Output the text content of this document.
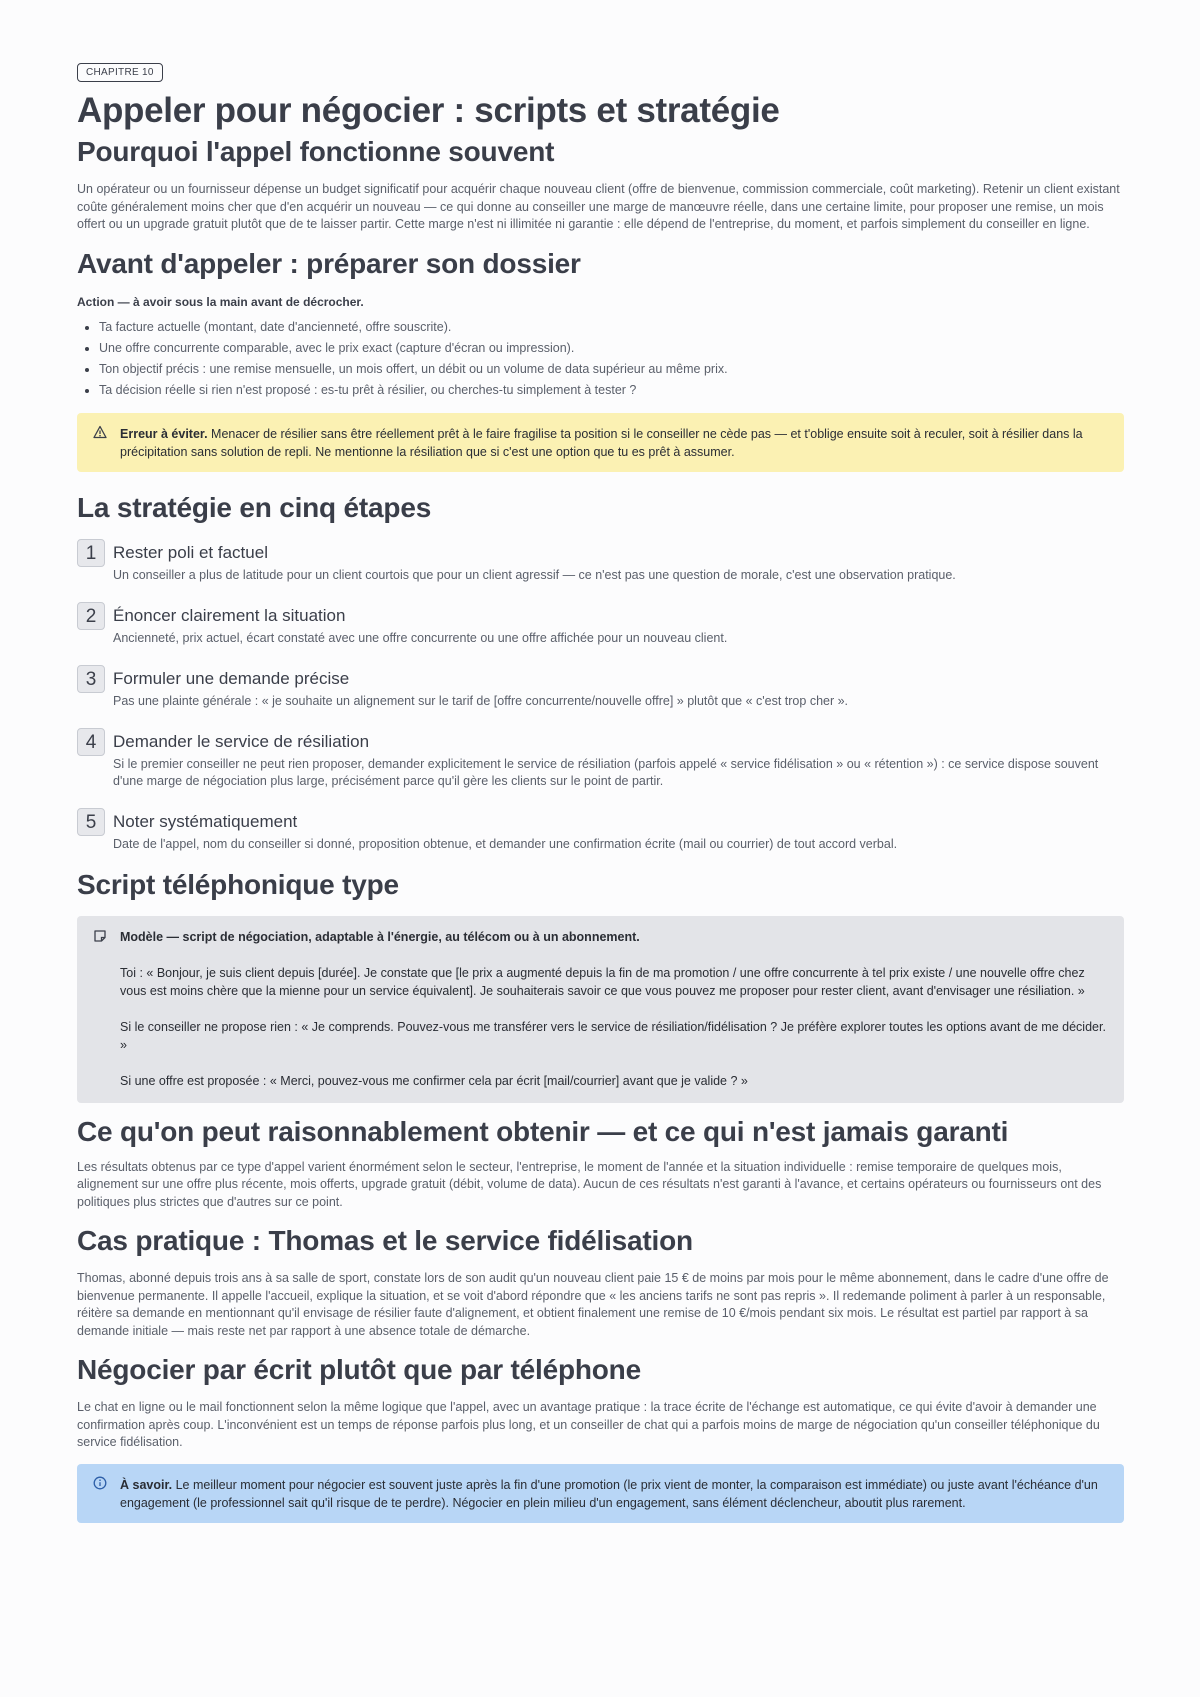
CHAPITRE 10
Appeler pour négocier : scripts et stratégie
Pourquoi l'appel fonctionne souvent

Un opérateur ou un fournisseur dépense un budget significatif pour acquérir chaque nouveau client (offre de bienvenue, commission commerciale, coût marketing). Retenir un client existant coûte généralement moins cher que d'en acquérir un nouveau — ce qui donne au conseiller une marge de manœuvre réelle, dans une certaine limite, pour proposer une remise, un mois offert ou un upgrade gratuit plutôt que de te laisser partir. Cette marge n'est ni illimitée ni garantie : elle dépend de l'entreprise, du moment, et parfois simplement du conseiller en ligne.

Avant d'appeler : préparer son dossier
Action — à avoir sous la main avant de décrocher.
• Ta facture actuelle (montant, date d'ancienneté, offre souscrite).
• Une offre concurrente comparable, avec le prix exact (capture d'écran ou impression).
• Ton objectif précis : une remise mensuelle, un mois offert, un débit ou un volume de data supérieur au même prix.
• Ta décision réelle si rien n'est proposé : es-tu prêt à résilier, ou cherches-tu simplement à tester ?
Erreur à éviter. Menacer de résilier sans être réellement prêt à le faire fragilise ta position si le conseiller ne cède pas — et t'oblige ensuite soit à reculer, soit à résilier dans la précipitation sans solution de repli. Ne mentionne la résiliation que si c'est une option que tu es prêt à assumer.
La stratégie en cinq étapes
1 Rester poli et factuel
Un conseiller a plus de latitude pour un client courtois que pour un client agressif — ce n'est pas une question de morale, c'est une observation pratique.
2 Énoncer clairement la situation
Ancienneté, prix actuel, écart constaté avec une offre concurrente ou une offre affichée pour un nouveau client.
3 Formuler une demande précise
Pas une plainte générale : « je souhaite un alignement sur le tarif de [offre concurrente/nouvelle offre] » plutôt que « c'est trop cher ».
4 Demander le service de résiliation
Si le premier conseiller ne peut rien proposer, demander explicitement le service de résiliation (parfois appelé « service fidélisation » ou « rétention ») : ce service dispose souvent d'une marge de négociation plus large, précisément parce qu'il gère les clients sur le point de partir.
5 Noter systématiquement
Date de l'appel, nom du conseiller si donné, proposition obtenue, et demander une confirmation écrite (mail ou courrier) de tout accord verbal.
Script téléphonique type
Modèle — script de négociation, adaptable à l'énergie, au télécom ou à un abonnement.
Toi : « Bonjour, je suis client depuis [durée]. Je constate que [le prix a augmenté depuis la fin de ma promotion / une offre concurrente à tel prix existe / une nouvelle offre chez vous est moins chère que la mienne pour un service équivalent]. Je souhaiterais savoir ce que vous pouvez me proposer pour rester client, avant d'envisager une résiliation. »
Si le conseiller ne propose rien : « Je comprends. Pouvez-vous me transférer vers le service de résiliation/fidélisation ? Je préfère explorer toutes les options avant de me décider. »
Si une offre est proposée : « Merci, pouvez-vous me confirmer cela par écrit [mail/courrier] avant que je valide ? »
Ce qu'on peut raisonnablement obtenir — et ce qui n'est jamais garanti

Les résultats obtenus par ce type d'appel varient énormément selon le secteur, l'entreprise, le moment de l'année et la situation individuelle : remise temporaire de quelques mois, alignement sur une offre plus récente, mois offerts, upgrade gratuit (débit, volume de data). Aucun de ces résultats n'est garanti à l'avance, et certains opérateurs ou fournisseurs ont des politiques plus strictes que d'autres sur ce point.

Cas pratique : Thomas et le service fidélisation

Thomas, abonné depuis trois ans à sa salle de sport, constate lors de son audit qu'un nouveau client paie 15 € de moins par mois pour le même abonnement, dans le cadre d'une offre de bienvenue permanente. Il appelle l'accueil, explique la situation, et se voit d'abord répondre que « les anciens tarifs ne sont pas repris ». Il redemande poliment à parler à un responsable, réitère sa demande en mentionnant qu'il envisage de résilier faute d'alignement, et obtient finalement une remise de 10 €/mois pendant six mois. Le résultat est partiel par rapport à sa demande initiale — mais reste net par rapport à une absence totale de démarche.

Négocier par écrit plutôt que par téléphone

Le chat en ligne ou le mail fonctionnent selon la même logique que l'appel, avec un avantage pratique : la trace écrite de l'échange est automatique, ce qui évite d'avoir à demander une confirmation après coup. L'inconvénient est un temps de réponse parfois plus long, et un conseiller de chat qui a parfois moins de marge de négociation qu'un conseiller téléphonique du service fidélisation.

À savoir. Le meilleur moment pour négocier est souvent juste après la fin d'une promotion (le prix vient de monter, la comparaison est immédiate) ou juste avant l'échéance d'un engagement (le professionnel sait qu'il risque de te perdre). Négocier en plein milieu d'un engagement, sans élément déclencheur, aboutit plus rarement.
